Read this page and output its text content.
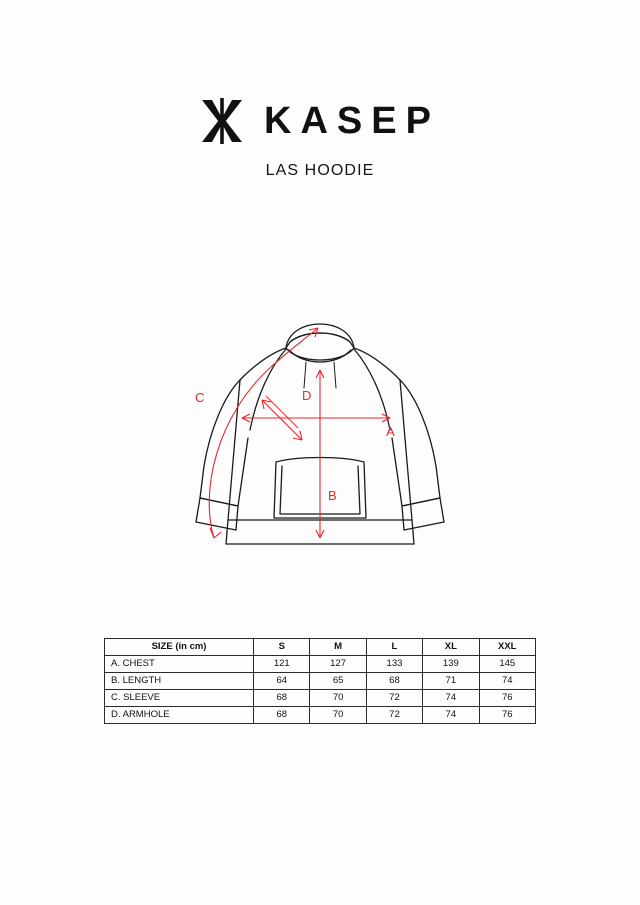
KASEP
LAS HOODIE
A
B
C	D
SIZE (in cm)	S	M	L	XL	XXL
A. CHEST	121	127	133	139	145
B. LENGTH	64	65	68	71	74
C. SLEEVE	68	70	72	74	76
D. ARMHOLE	68	70	72	74	76
